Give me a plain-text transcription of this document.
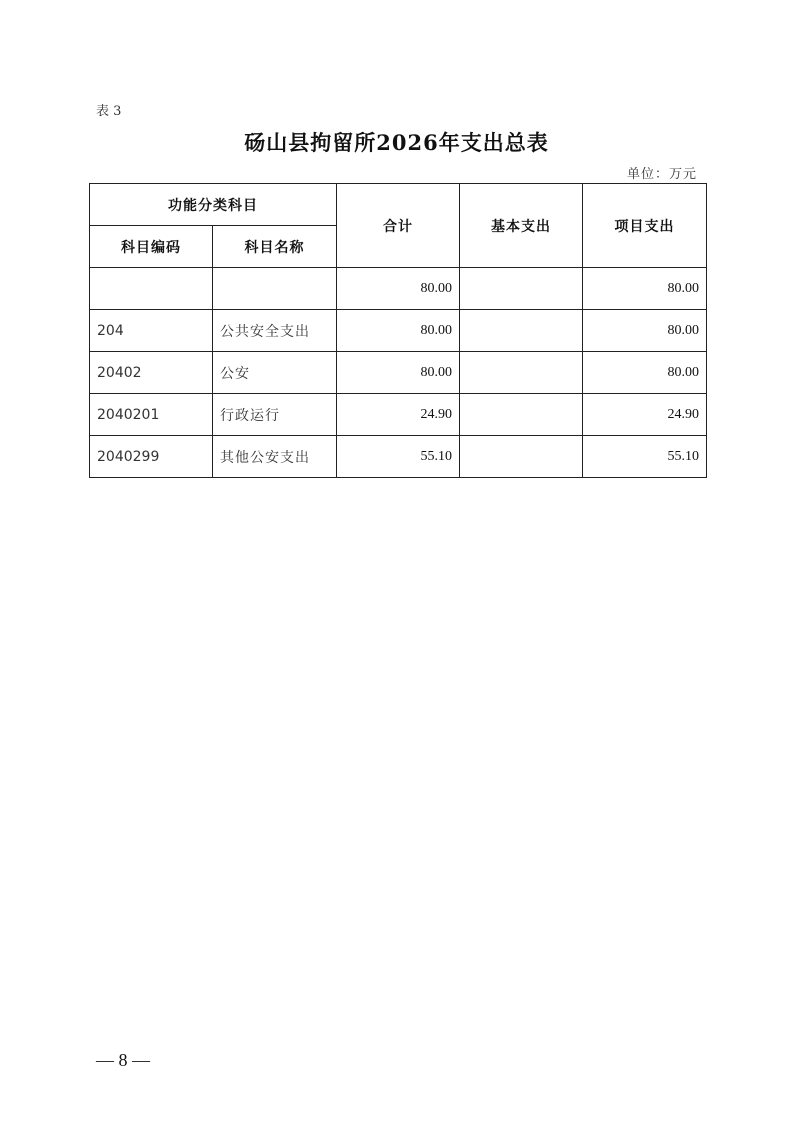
表 3
砀山县拘留所2026年支出总表
单位：万元
功能分类科目		合计	基本支出	项目支出
科目编码	科目名称			
		80.00		80.00
204	公共安全支出	80.00		80.00
20402	公安	80.00		80.00
2040201	行政运行	24.90		24.90
2040299	其他公安支出	55.10		55.10
— 8 —
